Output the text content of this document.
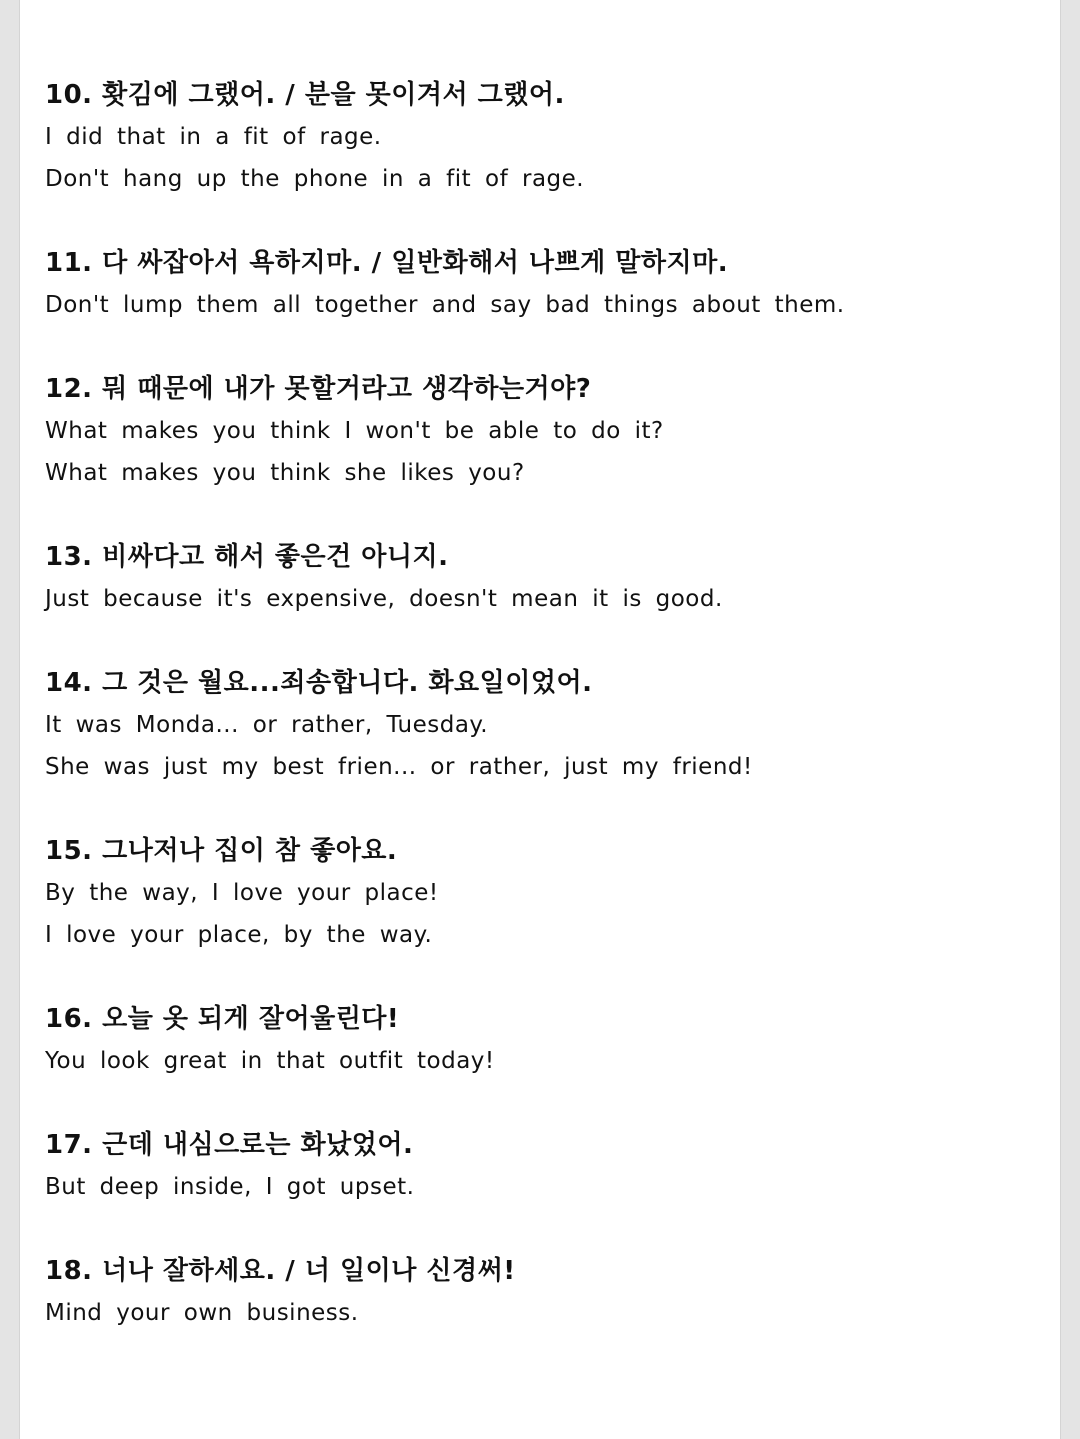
10. 홧김에 그랬어. / 분을 못이겨서 그랬어.
I did that in a fit of rage.
Don't hang up the phone in a fit of rage.
11. 다 싸잡아서 욕하지마. / 일반화해서 나쁘게 말하지마.
Don't lump them all together and say bad things about them.
12. 뭐 때문에 내가 못할거라고 생각하는거야?
What makes you think I won't be able to do it?
What makes you think she likes you?
13. 비싸다고 해서 좋은건 아니지.
Just because it's expensive, doesn't mean it is good.
14. 그 것은 월요...죄송합니다. 화요일이었어.
It was Monda... or rather, Tuesday.
She was just my best frien... or rather, just my friend!
15. 그나저나 집이 참 좋아요.
By the way, I love your place!
I love your place, by the way.
16. 오늘 옷 되게 잘어울린다!
You look great in that outfit today!
17. 근데 내심으로는 화났었어.
But deep inside, I got upset.
18. 너나 잘하세요. / 너 일이나 신경써!
Mind your own business.
